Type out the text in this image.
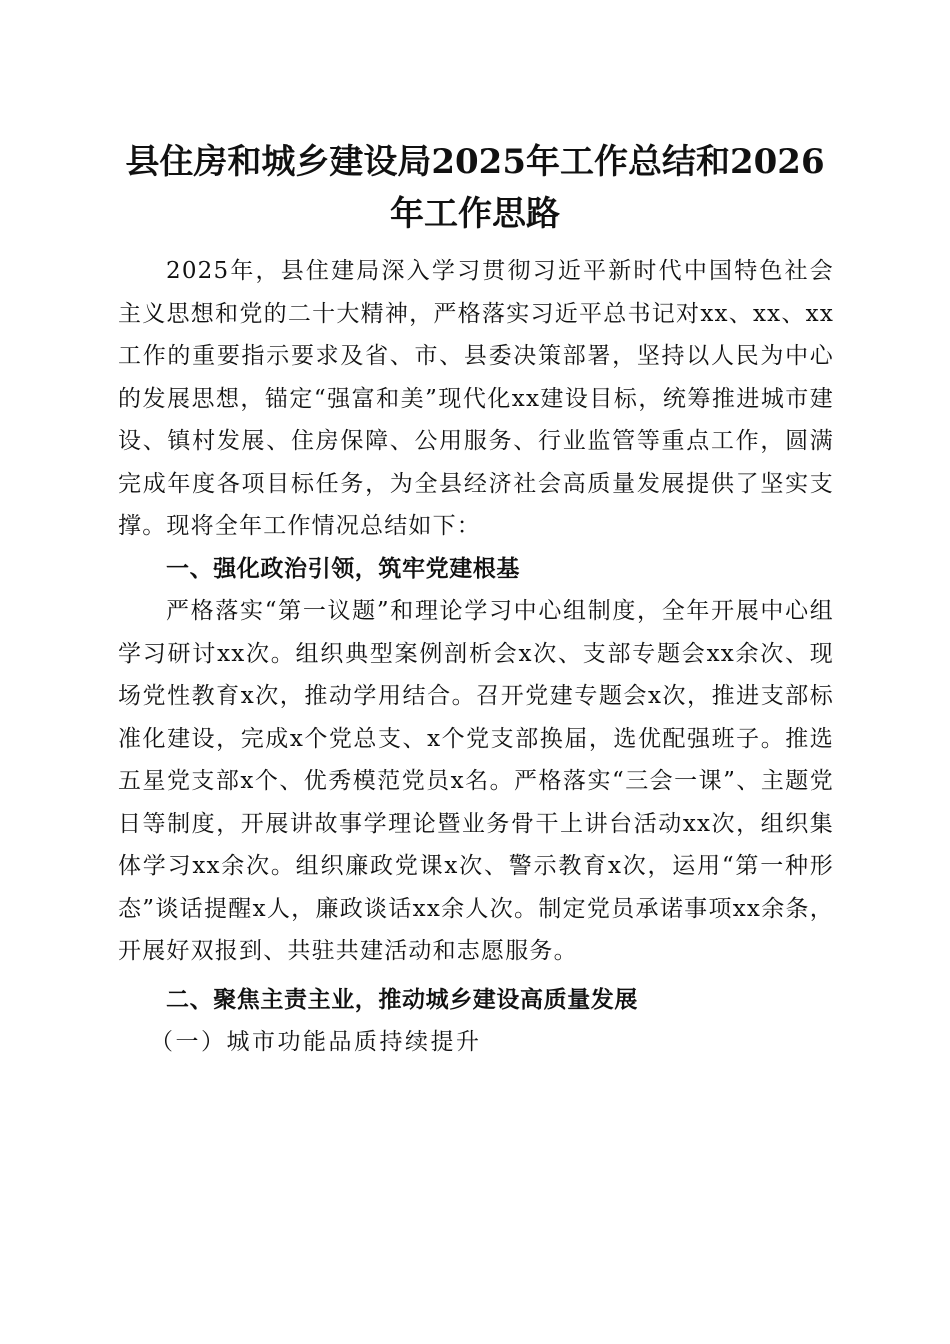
县住房和城乡建设局2025年工作总结和2026年工作思路

2025年，县住建局深入学习贯彻习近平新时代中国特色社会主义思想和党的二十大精神，严格落实习近平总书记对xx、xx、xx工作的重要指示要求及省、市、县委决策部署，坚持以人民为中心的发展思想，锚定“强富和美”现代化xx建设目标，统筹推进城市建设、镇村发展、住房保障、公用服务、行业监管等重点工作，圆满完成年度各项目标任务，为全县经济社会高质量发展提供了坚实支撑。现将全年工作情况总结如下：

一、强化政治引领，筑牢党建根基

严格落实“第一议题”和理论学习中心组制度，全年开展中心组学习研讨xx次。组织典型案例剖析会x次、支部专题会xx余次、现场党性教育x次，推动学用结合。召开党建专题会x次，推进支部标准化建设，完成x个党总支、x个党支部换届，选优配强班子。推选五星党支部x个、优秀模范党员x名。严格落实“三会一课”、主题党日等制度，开展讲故事学理论暨业务骨干上讲台活动xx次，组织集体学习xx余次。组织廉政党课x次、警示教育x次，运用“第一种形态”谈话提醒x人，廉政谈话xx余人次。制定党员承诺事项xx余条，开展好双报到、共驻共建活动和志愿服务。

二、聚焦主责主业，推动城乡建设高质量发展

（一）城市功能品质持续提升
